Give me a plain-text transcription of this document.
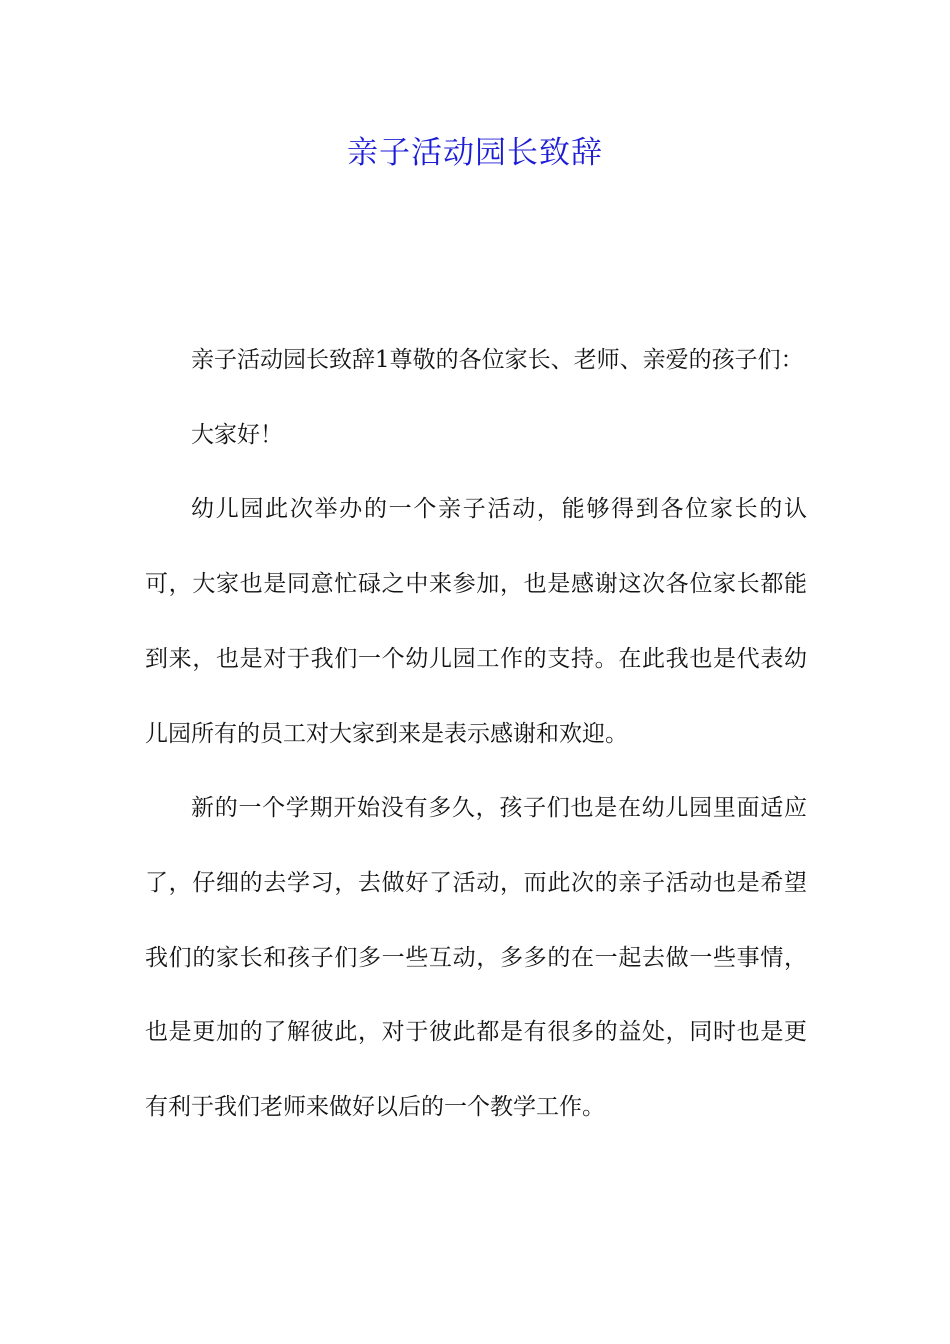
亲子活动园长致辞

亲子活动园长致辞1尊敬的各位家长、老师、亲爱的孩子们：

大家好！

幼儿园此次举办的一个亲子活动，能够得到各位家长的认可，大家也是同意忙碌之中来参加，也是感谢这次各位家长都能到来，也是对于我们一个幼儿园工作的支持。在此我也是代表幼儿园所有的员工对大家到来是表示感谢和欢迎。

新的一个学期开始没有多久，孩子们也是在幼儿园里面适应了，仔细的去学习，去做好了活动，而此次的亲子活动也是希望我们的家长和孩子们多一些互动，多多的在一起去做一些事情，也是更加的了解彼此，对于彼此都是有很多的益处，同时也是更有利于我们老师来做好以后的一个教学工作。
